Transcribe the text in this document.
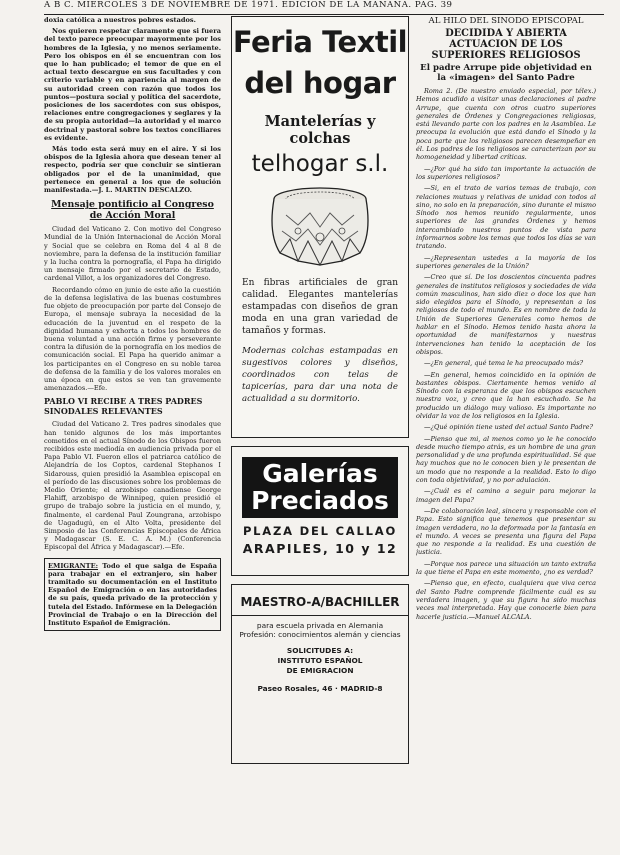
A B C. MIERCOLES 3 DE NOVIEMBRE DE 1971. EDICION DE LA MAÑANA. PAG. 39

doxia católica a nuestros pobres estados.

Nos quieren respetar claramente que si fuera del texto parece preocupar mayormente por los hombres de la Iglesia, y no menos seriamente. Pero los obispos en él se encuentran con los que lo han publicado; el temor de que en el actual texto descargue en sus facultades y con criterio variable y en apariencia al margen de su autoridad creen con razón que todos los puntos—postura social y política del sacerdote, posiciones de los sacerdotes con sus obispos, relaciones entre congregaciones y seglares y la de su propia autoridad—la autoridad y el marco doctrinal y pastoral sobre los textos conciliares es evidente.

Más todo esta será muy en el aire. Y si los obispos de la Iglesia ahora que desean tener al respecto, podría ser que concluir se sintieran obligados por el de la unanimidad, que pertenece en general a los que de solución manifestada.—J. L. MARTIN DESCALZO.

Mensaje pontificio al Congreso de Acción Moral

Ciudad del Vaticano 2. Con motivo del Congreso Mundial de la Unión Internacional de Acción Moral y Social que se celebra en Roma del 4 al 8 de noviembre, para la defensa de la institución familiar y la lucha contra la pornografía, el Papa ha dirigido un mensaje firmado por el secretario de Estado, cardenal Villot, a los organizadores del Congreso.

Recordando cómo en junio de este año la cuestión de la defensa legislativa de las buenas costumbres fue objeto de preocupación por parte del Consejo de Europa, el mensaje subraya la necesidad de la educación de la juventud en el respeto de la dignidad humana y exhorta a todos los hombres de buena voluntad a una acción firme y perseverante contra la difusión de la pornografía en los medios de comunicación social. El Papa ha querido animar a los participantes en el Congreso en su noble tarea de defensa de la familia y de los valores morales en una época en que estos se ven tan gravemente amenazados.—Efe.

PABLO VI RECIBE A TRES PADRES SINODALES RELEVANTES

Ciudad del Vaticano 2. Tres padres sinodales que han tenido algunos de los más importantes cometidos en el actual Sínodo de los Obispos fueron recibidos este mediodía en audiencia privada por el Papa Pablo VI. Fueron ellos el patriarca católico de Alejandría de los Coptos, cardenal Stephanos I Sidarouss, quien presidió la Asamblea episcopal en el período de las discusiones sobre los problemas de Medio Oriente; el arzobispo canadiense George Flahiff, arzobispo de Winnipeg, quien presidió el grupo de trabajo sobre la justicia en el mundo, y, finalmente, el cardenal Paul Zoungrana, arzobispo de Uagadugú, en el Alto Volta, presidente del Simposio de las Conferencias Episcopales de África y Madagascar (S. E. C. A. M.) (Conferencia Episcopal del África y Madagascar).—Efe.

EMIGRANTE: Todo el que salga de España para trabajar en el extranjero, sin haber tramitado su documentación en el Instituto Español de Emigración o en las autoridades de su país, queda privado de la protección y tutela del Estado. Infórmese en la Delegación Provincial de Trabajo o en la Dirección del Instituto Español de Emigración.
Feria Textil
del hogar
Mantelerías y colchas
telhogar s.l.
En fibras artificiales de gran calidad. Elegantes mantelerías estampadas con diseños de gran moda en una gran variedad de tamaños y formas.
Modernas colchas estampadas en sugestivos colores y diseños, coordinados con telas de tapicerías, para dar una nota de actualidad a su dormitorio.
Galerías
Preciados
PLAZA DEL CALLAO
ARAPILES, 10 y 12
MAESTRO-A/BACHILLER
para escuela privada en Alemania
Profesión: conocimientos alemán y ciencias
SOLICITUDES A:
INSTITUTO ESPAÑOL
DE EMIGRACION
Paseo Rosales, 46 · MADRID-8
AL HILO DEL SINODO EPISCOPAL
DECIDIDA Y ABIERTA ACTUACION DE LOS SUPERIORES RELIGIOSOS
El padre Arrupe pide objetividad en la «imagen» del Santo Padre

Roma 2. (De nuestro enviado especial, por télex.) Hemos acudido a visitar unas declaraciones al padre Arrupe, que cuenta con otros cuatro superiores generales de Órdenes y Congregaciones religiosas, está llevando parte con los padres en la Asamblea. Le preocupa la evolución que está dando el Sínodo y la poca parte que los religiosos parecen desempeñar en él. Los padres de los religiosos se caracterizan por su homogeneidad y libertad críticas.

—¿Por qué ha sido tan importante la actuación de los superiores religiosos?

—Si, en el trato de varios temas de trabajo, con relaciones mutuas y relativas de unidad con todos al sino, no solo en la preparación, sino durante el mismo Sínodo nos hemos reunido regularmente, unos superiores de las grandes Órdenes y hemos intercambiado nuestros puntos de vista para informarnos sobre los temas que todos los días se van tratando.

—¿Representan ustedes a la mayoría de los superiores generales de la Unión?

—Creo que sí. De los doscientos cincuenta padres generales de institutos religiosos y sociedades de vida común masculinos, han sido diez o doce los que han sido elegidos para el Sínodo, y representan a los religiosos de todo el mundo. Es en nombre de toda la Unión de Superiores Generales como hemos de hablar en el Sínodo. Hemos tenido hasta ahora la oportunidad de manifestarnos y nuestras intervenciones han tenido la aceptación de los obispos.

—¿En general, qué tema le ha preocupado más?

—En general, hemos coincidido en la opinión de bastantes obispos. Ciertamente hemos venido al Sínodo con la esperanza de que los obispos escuchen nuestra voz, y creo que la han escuchado. Se ha producido un diálogo muy valioso. Es importante no olvidar la voz de los religiosos en la Iglesia.

—¿Qué opinión tiene usted del actual Santo Padre?

—Pienso que mi, al menos como yo le he conocido desde mucho tiempo atrás, es un hombre de una gran personalidad y de una profunda espiritualidad. Sé que hay muchos que no le conocen bien y le presentan de un modo que no responde a la realidad. Esto lo digo con toda objetividad, y no por adulación.

—¿Cuál es el camino a seguir para mejorar la imagen del Papa?

—De colaboración leal, sincera y responsable con el Papa. Esto significa que tenemos que presentar su imagen verdadera, no la deformada por la fantasía en el mundo. A veces se presenta una figura del Papa que no responde a la realidad. Es una cuestión de justicia.

—Porque nos parece una situación un tanto extraña la que tiene el Papa en este momento, ¿no es verdad?

—Pienso que, en efecto, cualquiera que viva cerca del Santo Padre comprende fácilmente cuál es su verdadera imagen, y que su figura ha sido muchas veces mal interpretada. Hay que conocerle bien para hacerle justicia.—Manuel ALCALA.
